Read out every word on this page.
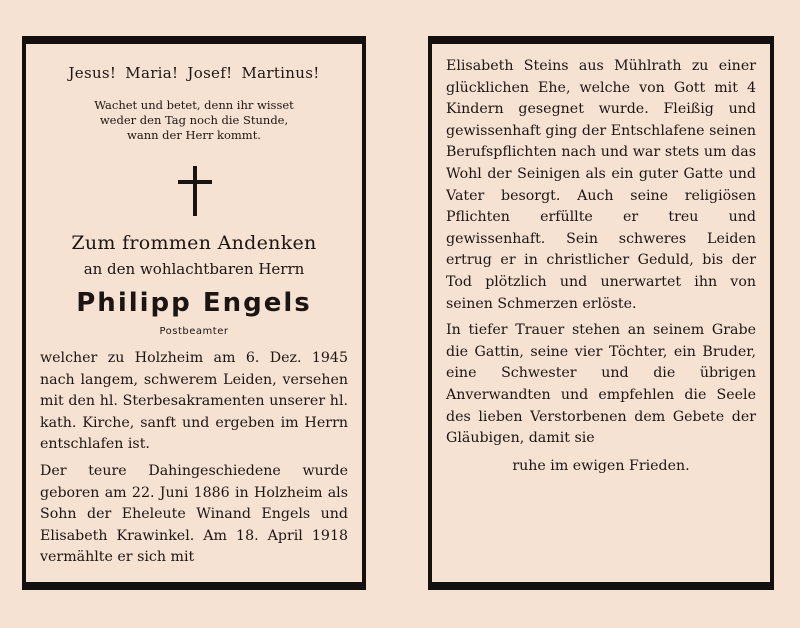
Jesus! Maria! Josef! Martinus!
Wachet und betet, denn ihr wisset
weder den Tag noch die Stunde,
wann der Herr kommt.
Zum frommen Andenken
an den wohlachtbaren Herrn
Philipp Engels
Postbeamter

welcher zu Holzheim am 6. Dez. 1945 nach langem, schwerem Leiden, versehen mit den hl. Sterbesakramenten unserer hl. kath. Kirche, sanft und ergeben im Herrn entschlafen ist.

Der teure Dahingeschiedene wurde geboren am 22. Juni 1886 in Holzheim als Sohn der Eheleute Winand Engels und Elisabeth Krawinkel. Am 18. April 1918 vermählte er sich mit

Elisabeth Steins aus Mühlrath zu einer glücklichen Ehe, welche von Gott mit 4 Kindern gesegnet wurde. Fleißig und gewissenhaft ging der Entschlafene seinen Berufspflichten nach und war stets um das Wohl der Seinigen als ein guter Gatte und Vater besorgt. Auch seine religiösen Pflichten erfüllte er treu und gewissenhaft. Sein schweres Leiden ertrug er in christlicher Geduld, bis der Tod plötzlich und unerwartet ihn von seinen Schmerzen erlöste.

In tiefer Trauer stehen an seinem Grabe die Gattin, seine vier Töchter, ein Bruder, eine Schwester und die übrigen Anverwandten und empfehlen die Seele des lieben Verstorbenen dem Gebete der Gläubigen, damit sie

ruhe im ewigen Frieden.
